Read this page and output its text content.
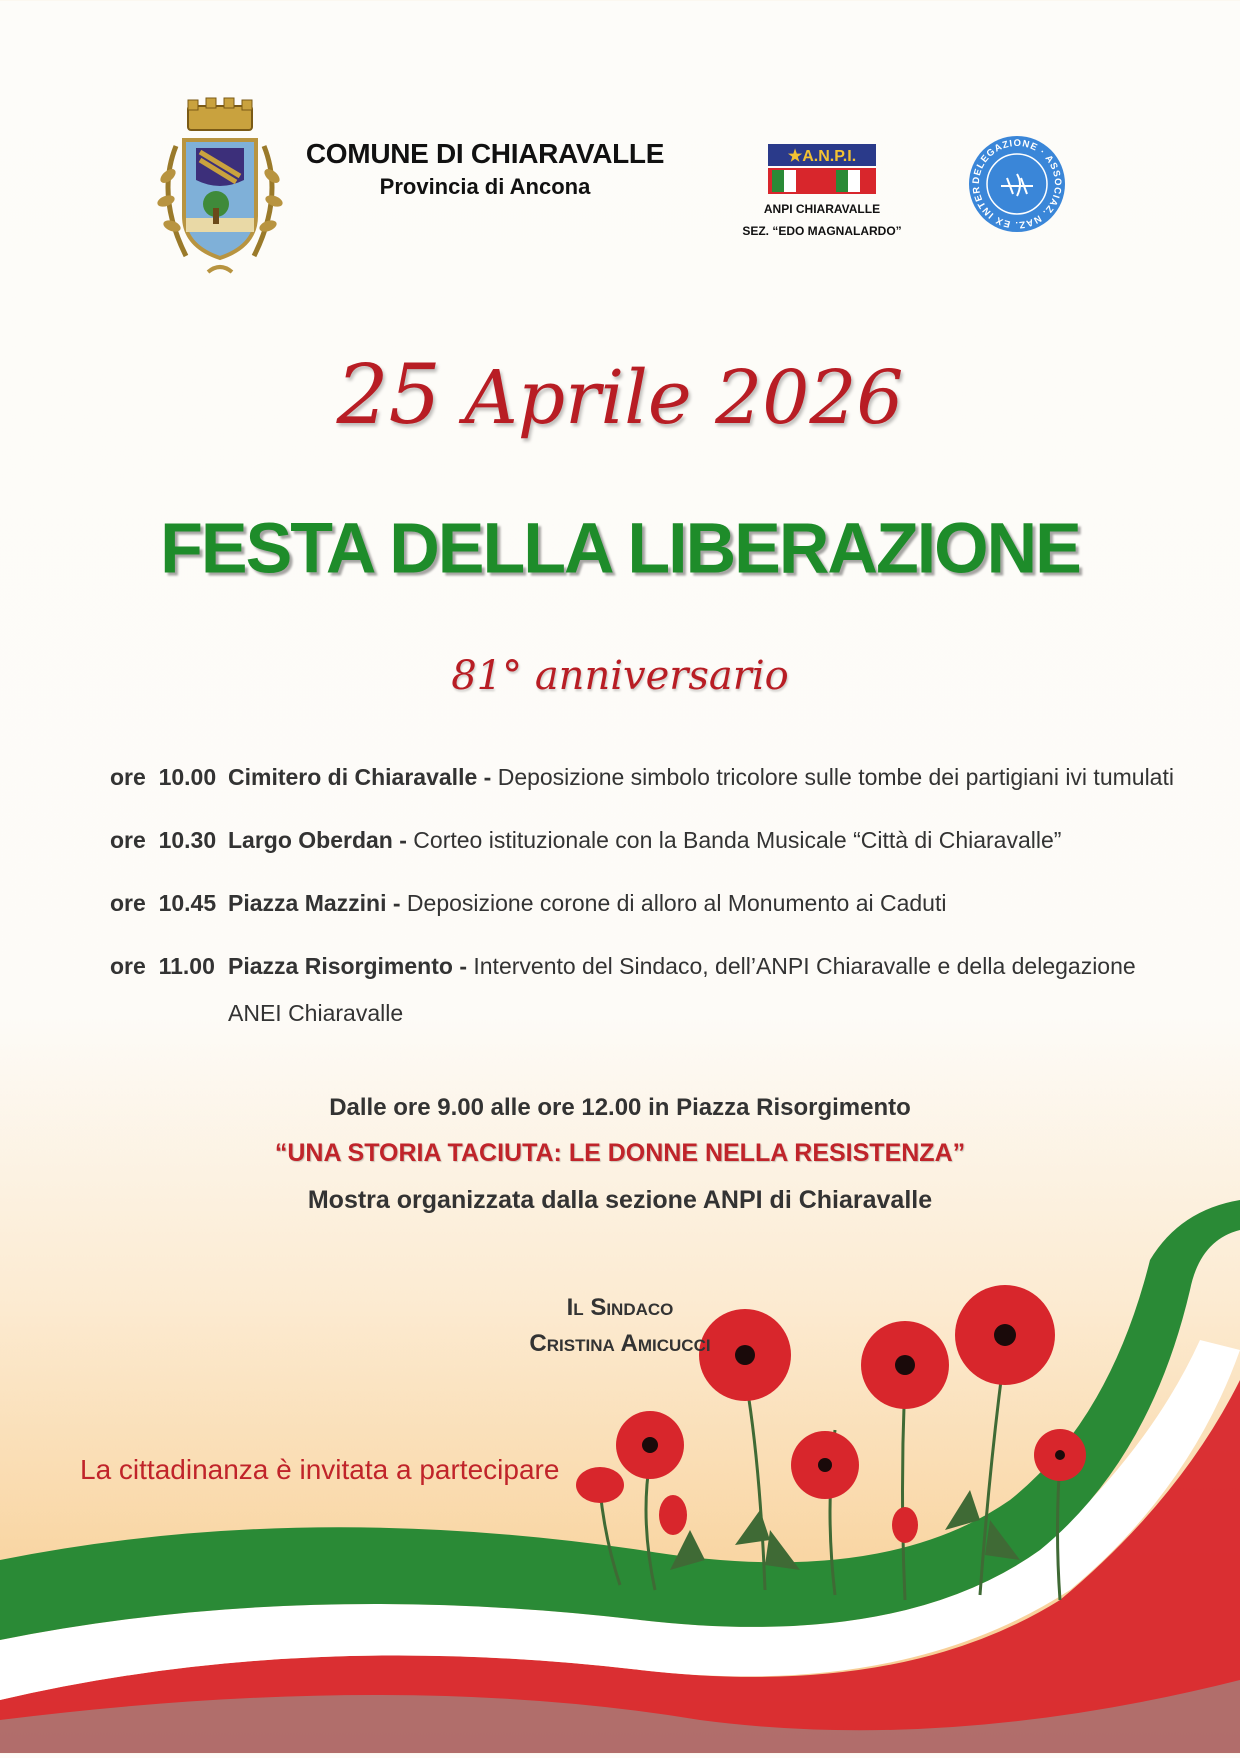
COMUNE DI CHIARAVALLE
Provincia di Ancona
★A.N.P.I.
ANPI CHIARAVALLE
SEZ. “EDO MAGNALARDO”
DELEGAZIONE · ASSOCIAZ. NAZ. EX INTER
25 Aprile 2026
FESTA DELLA LIBERAZIONE
81° anniversario
ore  10.00 Cimitero di Chiaravalle - Deposizione simbolo tricolore sulle tombe dei partigiani ivi tumulati
ore  10.30 Largo Oberdan - Corteo istituzionale con la Banda Musicale “Città di Chiaravalle”
ore  10.45 Piazza Mazzini - Deposizione corone di alloro al Monumento ai Caduti
ore  11.00 Piazza Risorgimento - Intervento del Sindaco, dell’ANPI Chiaravalle e della delegazione
ANEI Chiaravalle
Dalle ore 9.00 alle ore 12.00 in Piazza Risorgimento
“UNA STORIA TACIUTA: LE DONNE NELLA RESISTENZA”
Mostra organizzata dalla sezione ANPI di Chiaravalle
Il Sindaco
Cristina Amicucci
La cittadinanza è invitata a partecipare
